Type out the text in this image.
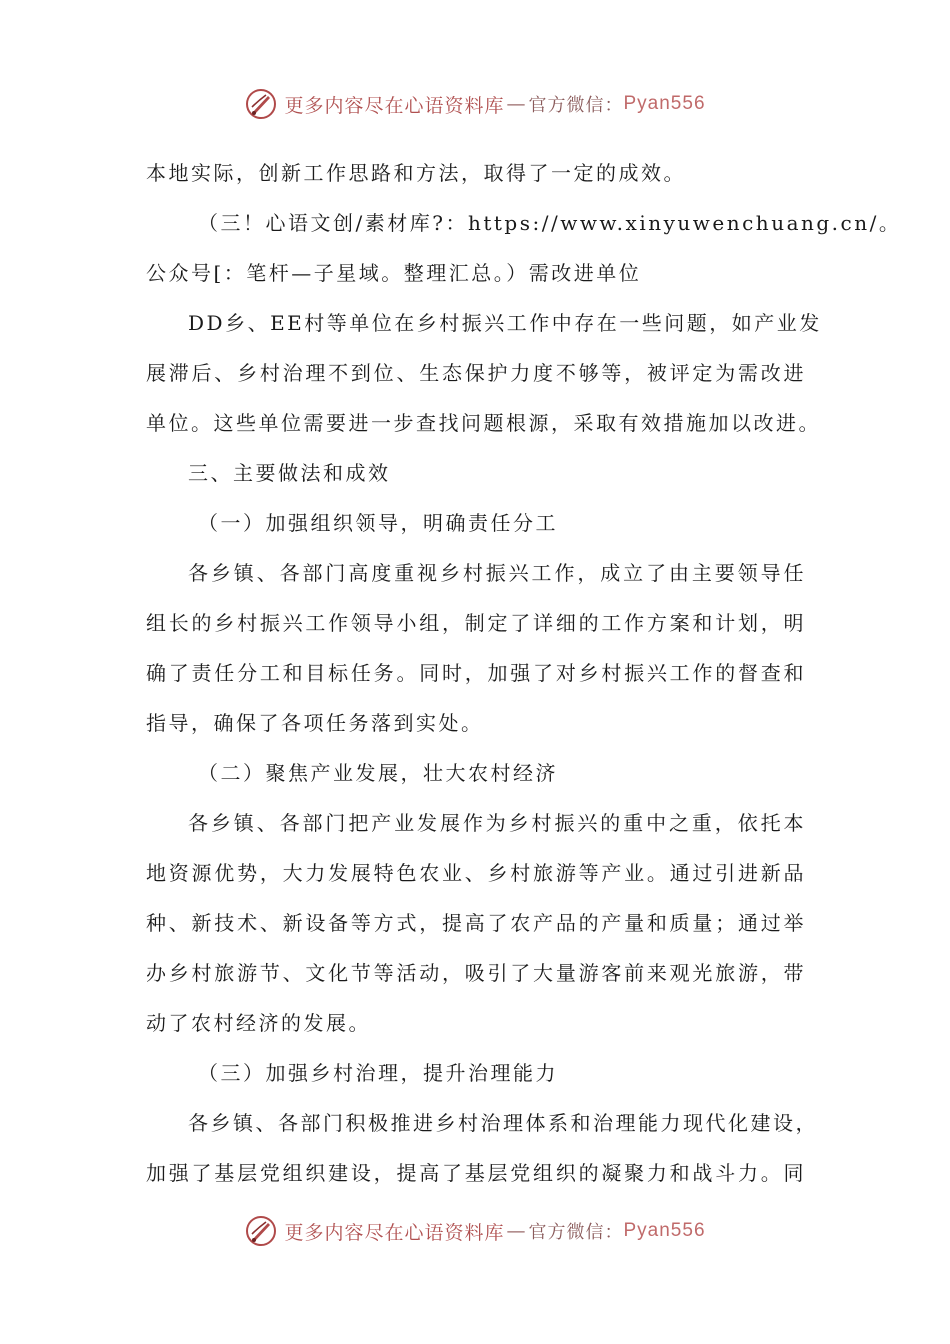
更多内容尽在心语资料库 — 官方微信： Pyan556
本地实际，创新工作思路和方法，取得了一定的成效。
（三！心语文创/素材库?：https://www.xinyuwenchuang.cn/。
公众号[：笔杆—子星域。整理汇总。）需改进单位
DD乡、EE村等单位在乡村振兴工作中存在一些问题，如产业发
展滞后、乡村治理不到位、生态保护力度不够等，被评定为需改进
单位。这些单位需要进一步查找问题根源，采取有效措施加以改进。
三、主要做法和成效
（一）加强组织领导，明确责任分工
各乡镇、各部门高度重视乡村振兴工作，成立了由主要领导任
组长的乡村振兴工作领导小组，制定了详细的工作方案和计划，明
确了责任分工和目标任务。同时，加强了对乡村振兴工作的督查和
指导，确保了各项任务落到实处。
（二）聚焦产业发展，壮大农村经济
各乡镇、各部门把产业发展作为乡村振兴的重中之重，依托本
地资源优势，大力发展特色农业、乡村旅游等产业。通过引进新品
种、新技术、新设备等方式，提高了农产品的产量和质量；通过举
办乡村旅游节、文化节等活动，吸引了大量游客前来观光旅游，带
动了农村经济的发展。
（三）加强乡村治理，提升治理能力
各乡镇、各部门积极推进乡村治理体系和治理能力现代化建设，
加强了基层党组织建设，提高了基层党组织的凝聚力和战斗力。同
更多内容尽在心语资料库 — 官方微信： Pyan556
